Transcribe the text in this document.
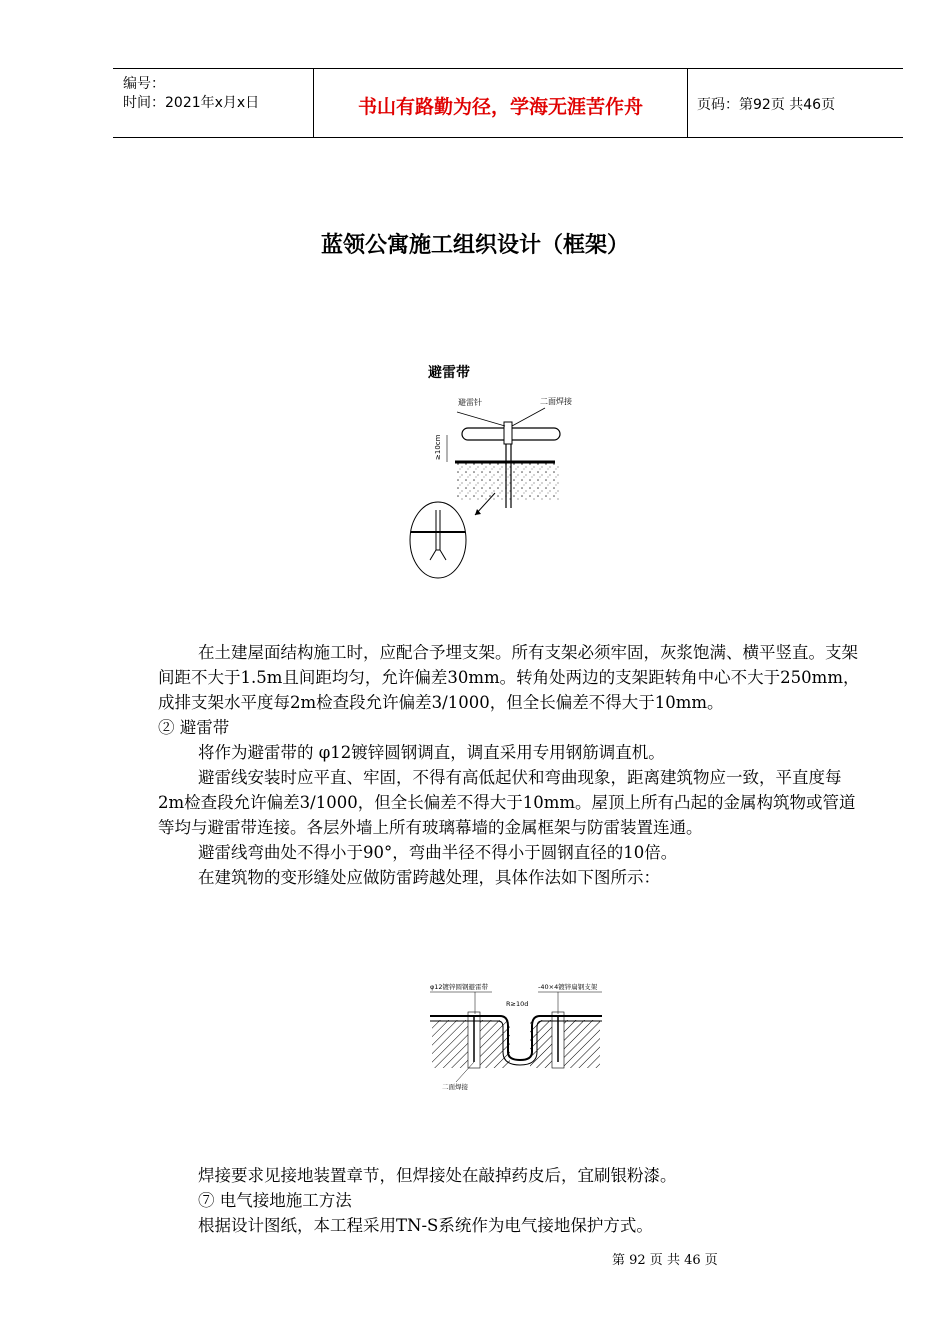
编号：
时间：2021年x月x日	书山有路勤为径，学海无涯苦作舟	页码：第92页 共46页
蓝领公寓施工组织设计（框架）
避雷带
避雷针	二面焊接
≥10cm

在土建屋面结构施工时，应配合予埋支架。所有支架必须牢固，灰浆饱满、横平竖直。支架间距不大于1.5m且间距均匀，允许偏差30mm。转角处两边的支架距转角中心不大于250mm，成排支架水平度每2m检查段允许偏差3/1000，但全长偏差不得大于10mm。

② 避雷带

将作为避雷带的 φ12镀锌圆钢调直，调直采用专用钢筋调直机。

避雷线安装时应平直、牢固，不得有高低起伏和弯曲现象，距离建筑物应一致，平直度每2m检查段允许偏差3/1000，但全长偏差不得大于10mm。屋顶上所有凸起的金属构筑物或管道等均与避雷带连接。各层外墙上所有玻璃幕墙的金属框架与防雷装置连通。

避雷线弯曲处不得小于90°，弯曲半径不得小于圆钢直径的10倍。

在建筑物的变形缝处应做防雷跨越处理，具体作法如下图所示：

φ12镀锌圆钢避雷带	-40×4镀锌扁钢支架
R≥10d
二面焊接

焊接要求见接地装置章节，但焊接处在敲掉药皮后，宜刷银粉漆。

⑦ 电气接地施工方法

根据设计图纸，本工程采用TN-S系统作为电气接地保护方式。

第 92 页 共 46 页
